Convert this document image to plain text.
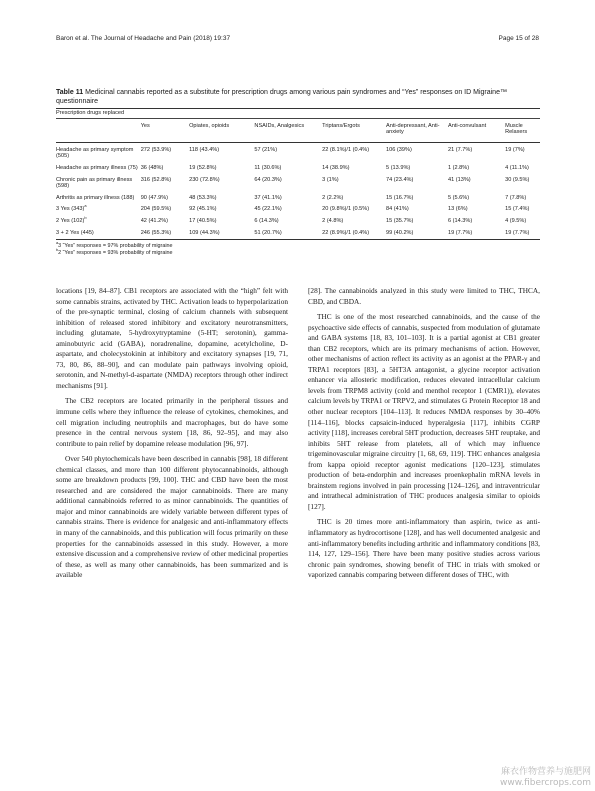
Baron et al. The Journal of Headache and Pain (2018) 19:37	Page 15 of 28
Table 11 Medicinal cannabis reported as a substitute for prescription drugs among various pain syndromes and “Yes” responses on ID Migraine™ questionnaire
Prescription drugs replaced							
	Yes	Opiates, opioids	NSAIDs, Analgesics	Triptans/Ergots	Anti-depressant, Anti-anxiety	Anti-convulsant	Muscle Relaxers
Headache as primary symptom (505)	272 (53.9%)	118 (43.4%)	57 (21%)	22 (8.1%)/1 (0.4%)	106 (39%)	21 (7.7%)	19 (7%)
Headache as primary illness (75)	36 (48%)	19 (52.8%)	11 (30.6%)	14 (38.9%)	5 (13.9%)	1 (2.8%)	4 (11.1%)
Chronic pain as primary illness (598)	316 (52.8%)	230 (72.8%)	64 (20.3%)	3 (1%)	74 (23.4%)	41 (13%)	30 (9.5%)
Arthritis as primary illness (188)	90 (47.9%)	48 (53.3%)	37 (41.1%)	2 (2.2%)	15 (16.7%)	5 (5.6%)	7 (7.8%)
3 Yes $(343)^a$	204 (59.5%)	92 (45.1%)	45 (22.1%)	20 (9.8%)/1 (0.5%)	84 (41%)	13 (6%)	15 (7.4%)
2 Yes $(102)^b$	42 (41.2%)	17 (40.5%)	6 (14.3%)	2 (4.8%)	15 (35.7%)	6 (14.3%)	4 (9.5%)
3 + 2 Yes (445)	246 (55.3%)	109 (44.3%)	51 (20.7%)	22 (8.9%)/1 (0.4%)	99 (40.2%)	19 (7.7%)	19 (7.7%)
$^a$3 “Yes” responses = 97% probability of migraine
$^b$2 “Yes” responses = 93% probability of migraine

locations [19, 84–87]. CB1 receptors are associated with the “high” felt with some cannabis strains, activated by THC. Activation leads to hyperpolarization of the pre-synaptic terminal, closing of calcium channels with subsequent inhibition of released stored inhibitory and excitatory neurotransmitters, including glutamate, 5-hydroxytryptamine (5-HT; serotonin), gamma-aminobutyric acid (GABA), noradrenaline, dopamine, acetylcholine, D-aspartate, and cholecystokinin at inhibitory and excitatory synapses [19, 71, 73, 80, 86, 88–90], and can modulate pain pathways involving opioid, serotonin, and N-methyl-d-aspartate (NMDA) receptors through other indirect mechanisms [91].

The CB2 receptors are located primarily in the peripheral tissues and immune cells where they influence the release of cytokines, chemokines, and cell migration including neutrophils and macrophages, but do have some presence in the central nervous system [18, 86, 92–95], and may also contribute to pain relief by dopamine release modulation [96, 97].

Over 540 phytochemicals have been described in cannabis [98], 18 different chemical classes, and more than 100 different phytocannabinoids, although some are breakdown products [99, 100]. THC and CBD have been the most researched and are considered the major cannabinoids. There are many additional cannabinoids referred to as minor cannabinoids. The quantities of major and minor cannabinoids are widely variable between different types of cannabis strains. There is evidence for analgesic and anti-inflammatory effects in many of the cannabinoids, and this publication will focus primarily on these properties for the cannabinoids assessed in this study. However, a more extensive discussion and a comprehensive review of other medicinal properties of these, as well as many other cannabinoids, has been summarized and is available

[28]. The cannabinoids analyzed in this study were limited to THC, THCA, CBD, and CBDA.

THC is one of the most researched cannabinoids, and the cause of the psychoactive side effects of cannabis, suspected from modulation of glutamate and GABA systems [18, 83, 101–103]. It is a partial agonist at CB1 greater than CB2 receptors, which are its primary mechanisms of action. However, other mechanisms of action reflect its activity as an agonist at the PPAR-γ and TRPA1 receptors [83], a 5HT3A antagonist, a glycine receptor activation enhancer via allosteric modification, reduces elevated intracellular calcium levels from TRPM8 activity (cold and menthol receptor 1 (CMR1)), elevates calcium levels by TRPA1 or TRPV2, and stimulates G Protein Receptor 18 and other nuclear receptors [104–113]. It reduces NMDA responses by 30–40% [114–116], blocks capsaicin-induced hyperalgesia [117], inhibits CGRP activity [118], increases cerebral 5HT production, decreases 5HT reuptake, and inhibits 5HT release from platelets, all of which may influence trigeminovascular migraine circuitry [1, 68, 69, 119]. THC enhances analgesia from kappa opioid receptor agonist medications [120–123], stimulates production of beta-endorphin and increases proenkephalin mRNA levels in brainstem regions involved in pain processing [124–126], and intraventricular and intrathecal administration of THC produces analgesia similar to opioids [127].

THC is 20 times more anti-inflammatory than aspirin, twice as anti-inflammatory as hydrocortisone [128], and has well documented analgesic and anti-inflammatory benefits including arthritic and inflammatory conditions [83, 114, 127, 129–156]. There have been many positive studies across various chronic pain syndromes, showing benefit of THC in trials with smoked or vaporized cannabis comparing between different doses of THC, with

麻衣作物营养与施肥网
www.fibercrops.com
